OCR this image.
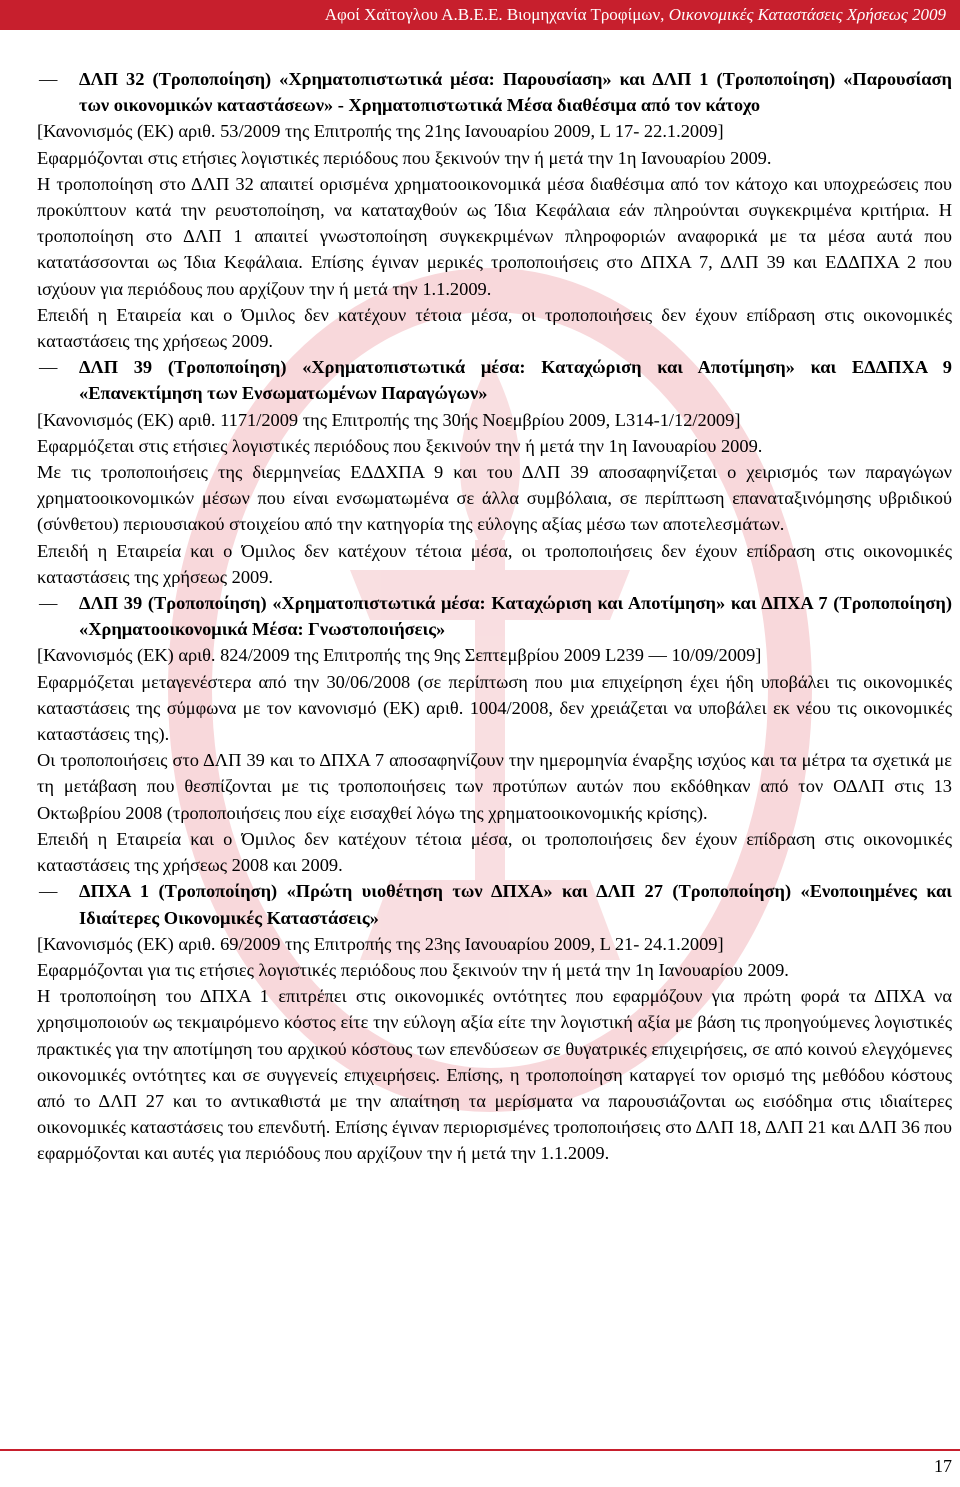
Αφοί Χαϊτογλου Α.Β.Ε.Ε. Βιομηχανία Τροφίμων, Οικονομικές Καταστάσεις Χρήσεως 2009

— ΔΛΠ 32 (Τροποποίηση) «Χρηματοπιστωτικά μέσα: Παρουσίαση» και ΔΛΠ 1 (Τροποποίηση) «Παρουσίαση των οικονομικών καταστάσεων» - Χρηματοπιστωτικά Μέσα διαθέσιμα από τον κάτοχο

[Κανονισμός (ΕΚ) αριθ. 53/2009 της Επιτροπής της 21ης Ιανουαρίου 2009, L 17- 22.1.2009]

Εφαρμόζονται στις ετήσιες λογιστικές περιόδους που ξεκινούν την ή μετά την 1η Ιανουαρίου 2009.

Η τροποποίηση στο ΔΛΠ 32 απαιτεί ορισμένα χρηματοοικονομικά μέσα διαθέσιμα από τον κάτοχο και υποχρεώσεις που προκύπτουν κατά την ρευστοποίηση, να καταταχθούν ως Ίδια Κεφάλαια εάν πληρούνται συγκεκριμένα κριτήρια. Η τροποποίηση στο ΔΛΠ 1 απαιτεί γνωστοποίηση συγκεκριμένων πληροφοριών αναφορικά με τα μέσα αυτά που κατατάσσονται ως Ίδια Κεφάλαια. Επίσης έγιναν μερικές τροποποιήσεις στο ΔΠΧΑ 7, ΔΛΠ 39 και ΕΔΔΠΧΑ 2 που ισχύουν για περιόδους που αρχίζουν την ή μετά την 1.1.2009.

Επειδή η Εταιρεία και ο Όμιλος δεν κατέχουν τέτοια μέσα, οι τροποποιήσεις δεν έχουν επίδραση στις οικονομικές καταστάσεις της χρήσεως 2009.

— ΔΛΠ 39 (Τροποποίηση) «Χρηματοπιστωτικά μέσα: Καταχώριση και Αποτίμηση» και ΕΔΔΠΧΑ 9 «Επανεκτίμηση των Ενσωματωμένων Παραγώγων»

[Κανονισμός (ΕΚ) αριθ. 1171/2009 της Επιτροπής της 30ής Νοεμβρίου 2009, L314-1/12/2009]

Εφαρμόζεται στις ετήσιες λογιστικές περιόδους που ξεκινούν την ή μετά την 1η Ιανουαρίου 2009.

Με τις τροποποιήσεις της διερμηνείας ΕΔΔΧΠΑ 9 και του ΔΛΠ 39 αποσαφηνίζεται ο χειρισμός των παραγώγων χρηματοοικονομικών μέσων που είναι ενσωματωμένα σε άλλα συμβόλαια, σε περίπτωση επαναταξινόμησης υβριδικού (σύνθετου) περιουσιακού στοιχείου από την κατηγορία της εύλογης αξίας μέσω των αποτελεσμάτων.

Επειδή η Εταιρεία και ο Όμιλος δεν κατέχουν τέτοια μέσα, οι τροποποιήσεις δεν έχουν επίδραση στις οικονομικές καταστάσεις της χρήσεως 2009.

— ΔΛΠ 39 (Τροποποίηση) «Χρηματοπιστωτικά μέσα: Καταχώριση και Αποτίμηση» και ΔΠΧΑ 7 (Τροποποίηση) «Χρηματοοικονομικά Μέσα: Γνωστοποιήσεις»

[Κανονισμός (ΕΚ) αριθ. 824/2009 της Επιτροπής της 9ης Σεπτεμβρίου 2009 L239 — 10/09/2009]

Εφαρμόζεται μεταγενέστερα από την 30/06/2008 (σε περίπτωση που μια επιχείρηση έχει ήδη υποβάλει τις οικονομικές καταστάσεις της σύμφωνα με τον κανονισμό (ΕΚ) αριθ. 1004/2008, δεν χρειάζεται να υποβάλει εκ νέου τις οικονομικές καταστάσεις της).

Οι τροποποιήσεις στο ΔΛΠ 39 και το ΔΠΧΑ 7 αποσαφηνίζουν την ημερομηνία έναρξης ισχύος και τα μέτρα τα σχετικά με τη μετάβαση που θεσπίζονται με τις τροποποιήσεις των προτύπων αυτών που εκδόθηκαν από τον ΟΔΛΠ στις 13 Οκτωβρίου 2008 (τροποποιήσεις που είχε εισαχθεί λόγω της χρηματοοικονομικής κρίσης).

Επειδή η Εταιρεία και ο Όμιλος δεν κατέχουν τέτοια μέσα, οι τροποποιήσεις δεν έχουν επίδραση στις οικονομικές καταστάσεις της χρήσεως 2008 και 2009.

— ΔΠΧΑ 1 (Τροποποίηση) «Πρώτη υιοθέτηση των ΔΠΧΑ» και ΔΛΠ 27 (Τροποποίηση) «Ενοποιημένες και Ιδιαίτερες Οικονομικές Καταστάσεις»

[Κανονισμός (ΕΚ) αριθ. 69/2009 της Επιτροπής της 23ης Ιανουαρίου 2009, L 21- 24.1.2009]

Εφαρμόζονται για τις ετήσιες λογιστικές περιόδους που ξεκινούν την ή μετά την 1η Ιανουαρίου 2009.

Η τροποποίηση του ΔΠΧΑ 1 επιτρέπει στις οικονομικές οντότητες που εφαρμόζουν για πρώτη φορά τα ΔΠΧΑ να χρησιμοποιούν ως τεκμαιρόμενο κόστος είτε την εύλογη αξία είτε την λογιστική αξία με βάση τις προηγούμενες λογιστικές πρακτικές για την αποτίμηση του αρχικού κόστους των επενδύσεων σε θυγατρικές επιχειρήσεις, σε από κοινού ελεγχόμενες οικονομικές οντότητες και σε συγγενείς επιχειρήσεις. Επίσης, η τροποποίηση καταργεί τον ορισμό της μεθόδου κόστους από το ΔΛΠ 27 και το αντικαθιστά με την απαίτηση τα μερίσματα να παρουσιάζονται ως εισόδημα στις ιδιαίτερες οικονομικές καταστάσεις του επενδυτή. Επίσης έγιναν περιορισμένες τροποποιήσεις στο ΔΛΠ 18, ΔΛΠ 21 και ΔΛΠ 36 που εφαρμόζονται και αυτές για περιόδους που αρχίζουν την ή μετά την 1.1.2009.

17
